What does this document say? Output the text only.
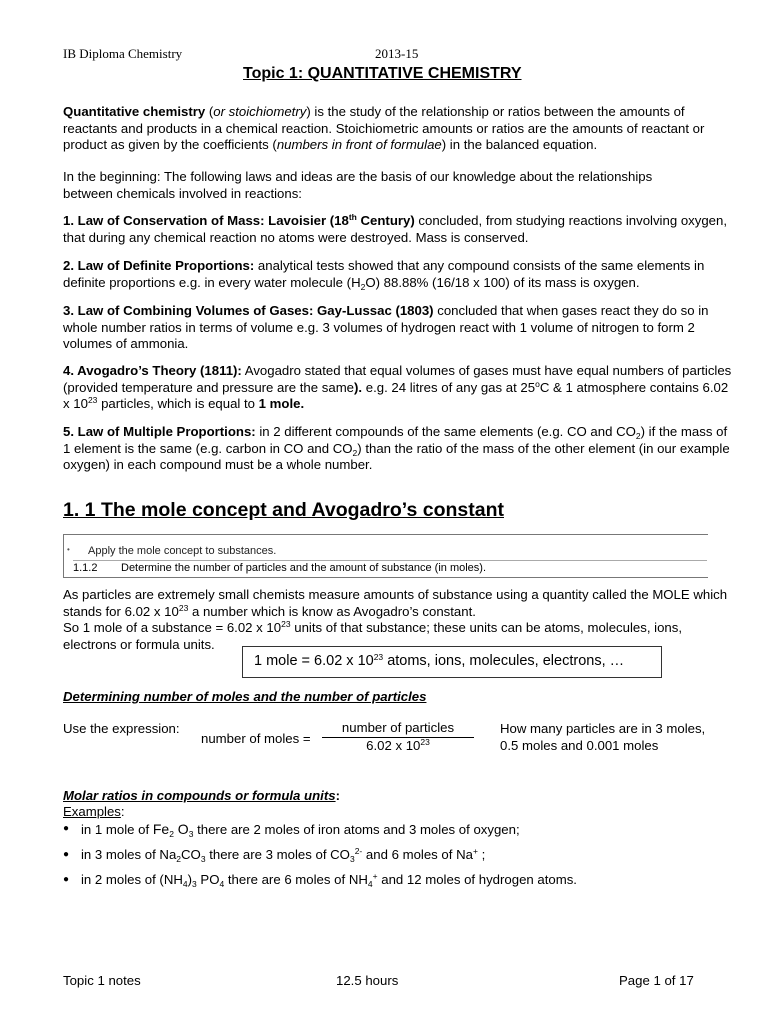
IB Diploma Chemistry	2013-15
Topic 1: QUANTITATIVE CHEMISTRY

Quantitative chemistry (or stoichiometry) is the study of the relationship or ratios between the amounts of reactants and products in a chemical reaction. Stoichiometric amounts or ratios are the amounts of reactant or product as given by the coefficients (numbers in front of formulae) in the balanced equation.

In the beginning: The following laws and ideas are the basis of our knowledge about the relationships between chemicals involved in reactions:

1. Law of Conservation of Mass: Lavoisier (18th Century) concluded, from studying reactions involving oxygen, that during any chemical reaction no atoms were destroyed. Mass is conserved.

2. Law of Definite Proportions: analytical tests showed that any compound consists of the same elements in definite proportions e.g. in every water molecule $(H_2O)$ 88.88% (16/18 x 100) of its mass is oxygen.

3. Law of Combining Volumes of Gases: Gay-Lussac (1803) concluded that when gases react they do so in whole number ratios in terms of volume e.g. 3 volumes of hydrogen react with 1 volume of nitrogen to form 2 volumes of ammonia.

4. Avogadro’s Theory (1811): Avogadro stated that equal volumes of gases must have equal numbers of particles (provided temperature and pressure are the same). e.g. 24 litres of any gas at 25$^o$C & 1 atmosphere contains 6.02 x $10^{23}$ particles, which is equal to 1 mole.

5. Law of Multiple Proportions: in 2 different compounds of the same elements (e.g. CO and $CO_2$) if the mass of 1 element is the same (e.g. carbon in CO and $CO_2$) than the ratio of the mass of the other element (in our example oxygen) in each compound must be a whole number.

1. 1 The mole concept and Avogadro’s constant
• Apply the mole concept to substances.
1.1.2 Determine the number of particles and the amount of substance (in moles).

As particles are extremely small chemists measure amounts of substance using a quantity called the MOLE which stands for 6.02 x $10^{23}$ a number which is know as Avogadro’s constant.

So 1 mole of a substance = 6.02 x $10^{23}$ units of that substance; these units can be atoms, molecules, ions, electrons or formula units.

1 mole = 6.02 x $10^{23}$ atoms, ions, molecules, electrons, …
Determining number of moles and the number of particles
Use the expression:
number of moles =
number of particles
6.02 x $10^{23}$

How many particles are in 3 moles, 0.5 moles and 0.001 moles

Molar ratios in compounds or formula units:
Examples:
● in 1 mole of $Fe_2$ $O_3$ there are 2 moles of iron atoms and 3 moles of oxygen;
● in 3 moles of $Na_2CO_3$ there are 3 moles of $CO_3^{2-}$ and 6 moles of Na+ ;
● in 2 moles of $(NH_4)_3$ $PO_4$ there are 6 moles of $NH_4^+$ and 12 moles of hydrogen atoms.
Topic 1 notes	12.5 hours	Page 1 of 17
